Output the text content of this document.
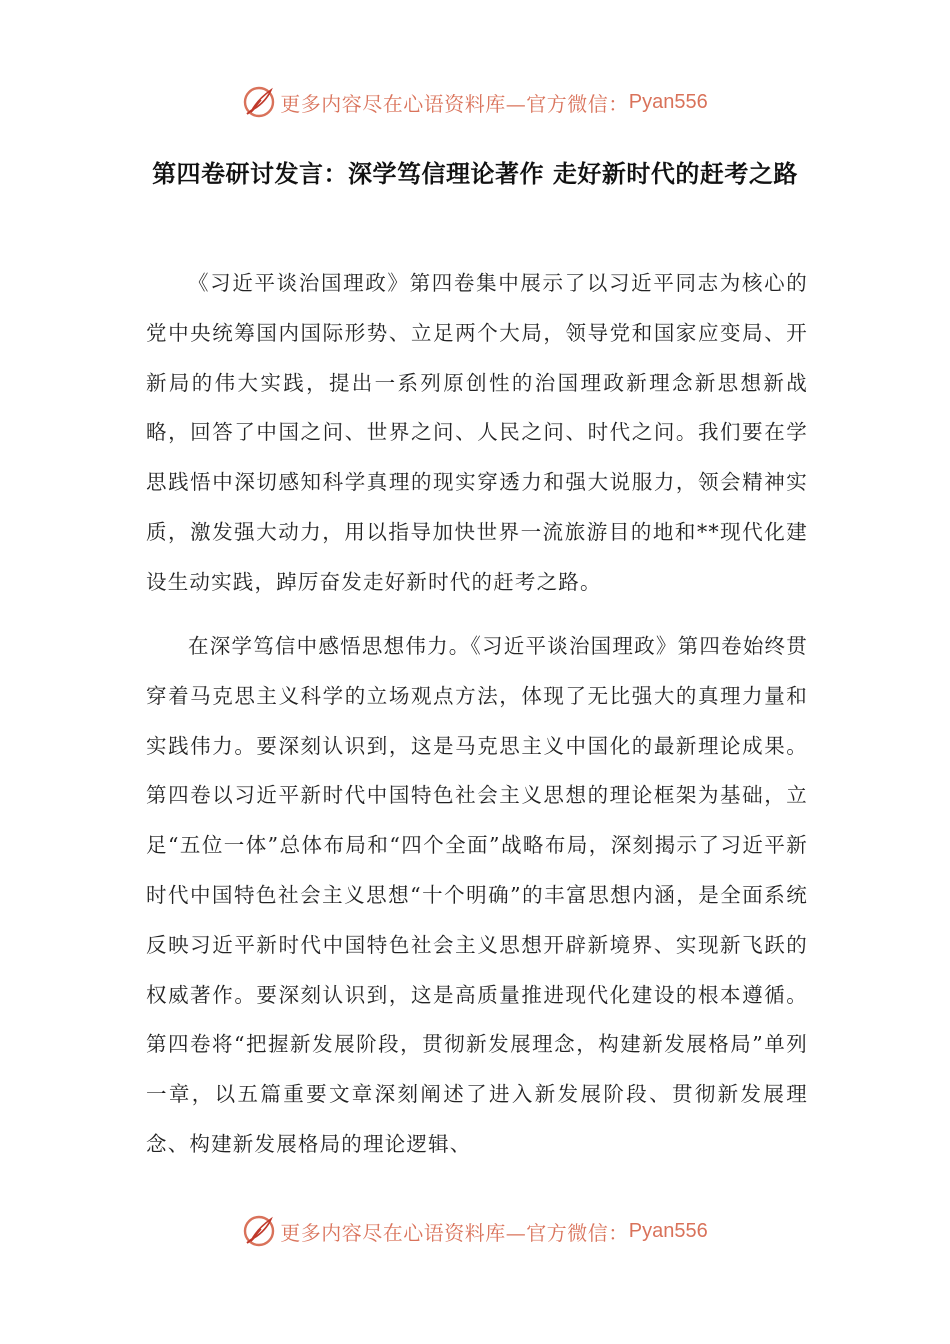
更多内容尽在心语资料库—官方微信： Pyan556
第四卷研讨发言：深学笃信理论著作 走好新时代的赶考之路

《习近平谈治国理政》第四卷集中展示了以习近平同志为核心的党中央统筹国内国际形势、立足两个大局，领导党和国家应变局、开新局的伟大实践，提出一系列原创性的治国理政新理念新思想新战略，回答了中国之问、世界之问、人民之问、时代之问。我们要在学思践悟中深切感知科学真理的现实穿透力和强大说服力，领会精神实质，激发强大动力，用以指导加快世界一流旅游目的地和**现代化建设生动实践，踔厉奋发走好新时代的赶考之路。

在深学笃信中感悟思想伟力。《习近平谈治国理政》第四卷始终贯穿着马克思主义科学的立场观点方法，体现了无比强大的真理力量和实践伟力。要深刻认识到，这是马克思主义中国化的最新理论成果。第四卷以习近平新时代中国特色社会主义思想的理论框架为基础，立足“五位一体”总体布局和“四个全面”战略布局，深刻揭示了习近平新时代中国特色社会主义思想“十个明确”的丰富思想内涵，是全面系统反映习近平新时代中国特色社会主义思想开辟新境界、实现新飞跃的权威著作。要深刻认识到，这是高质量推进现代化建设的根本遵循。第四卷将“把握新发展阶段，贯彻新发展理念，构建新发展格局”单列一章，以五篇重要文章深刻阐述了进入新发展阶段、贯彻新发展理念、构建新发展格局的理论逻辑、

更多内容尽在心语资料库—官方微信： Pyan556
